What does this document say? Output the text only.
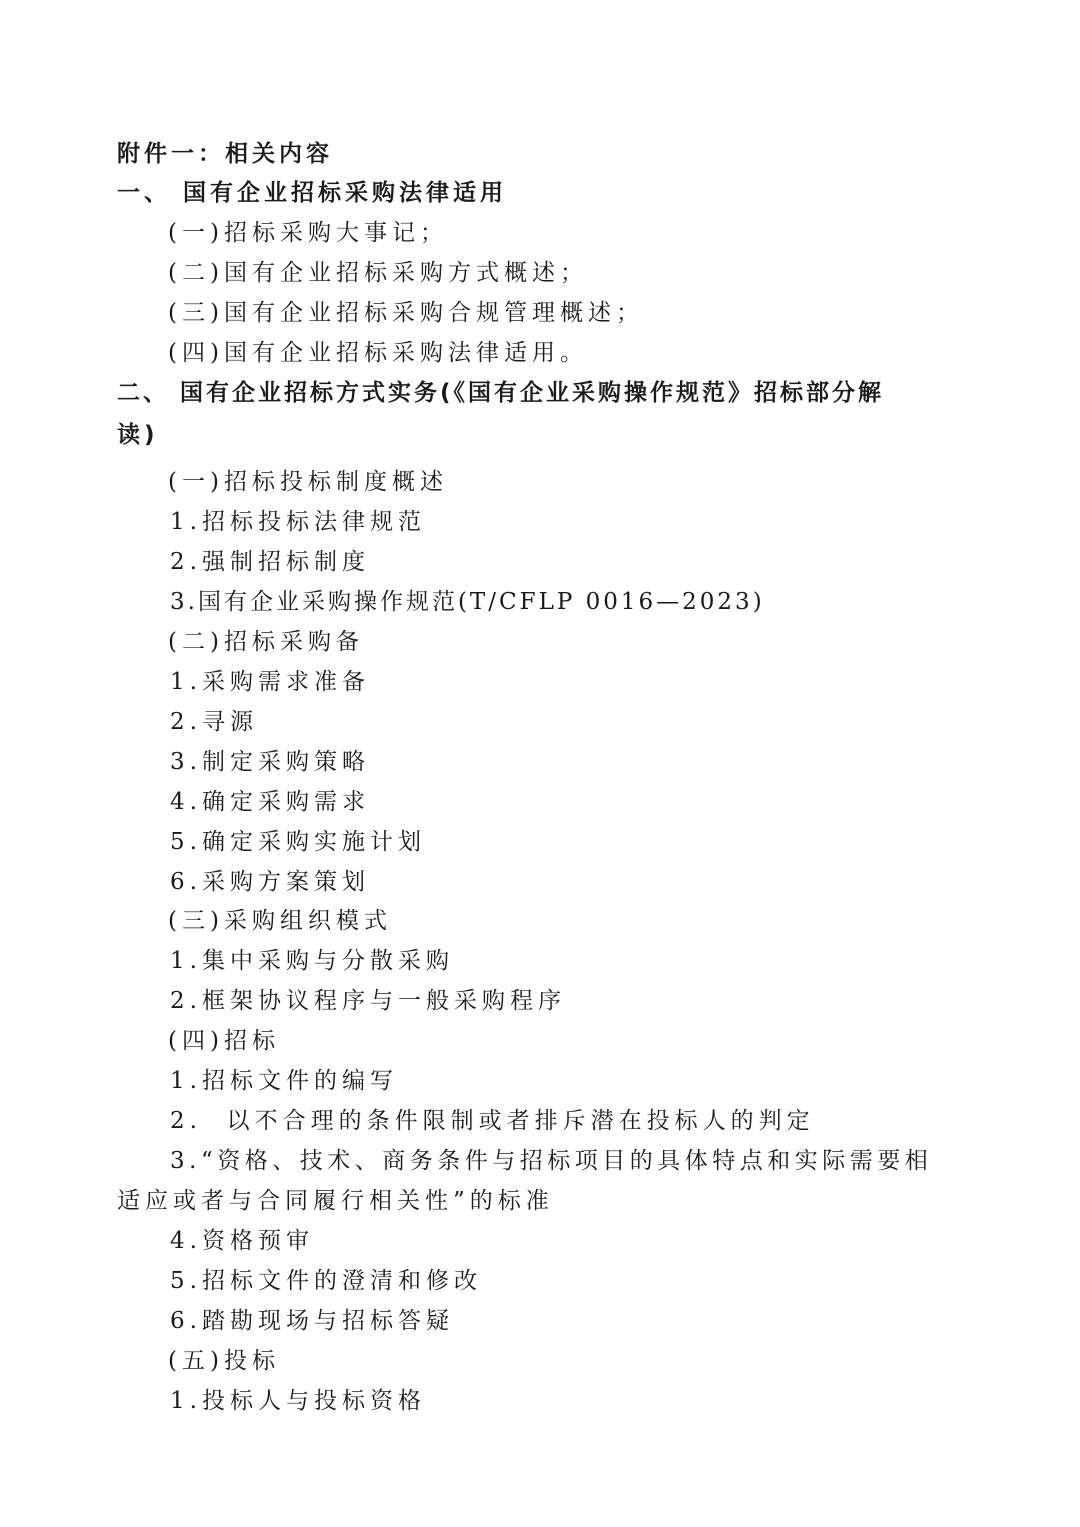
附件一：相关内容
一、 国有企业招标采购法律适用
(一)招标采购大事记；
(二)国有企业招标采购方式概述；
(三)国有企业招标采购合规管理概述；
(四)国有企业招标采购法律适用。
二、 国有企业招标方式实务(《国有企业采购操作规范》招标部分解
读)
(一)招标投标制度概述
1.招标投标法律规范
2.强制招标制度
3.国有企业采购操作规范(T/CFLP 0016—2023)
(二)招标采购备
1.采购需求准备
2.寻源
3.制定采购策略
4.确定采购需求
5.确定采购实施计划
6.采购方案策划
(三)采购组织模式
1.集中采购与分散采购
2.框架协议程序与一般采购程序
(四)招标
1.招标文件的编写
2.  以不合理的条件限制或者排斥潜在投标人的判定
3.“资格、技术、商务条件与招标项目的具体特点和实际需要相
适应或者与合同履行相关性”的标准
4.资格预审
5.招标文件的澄清和修改
6.踏勘现场与招标答疑
(五)投标
1.投标人与投标资格
